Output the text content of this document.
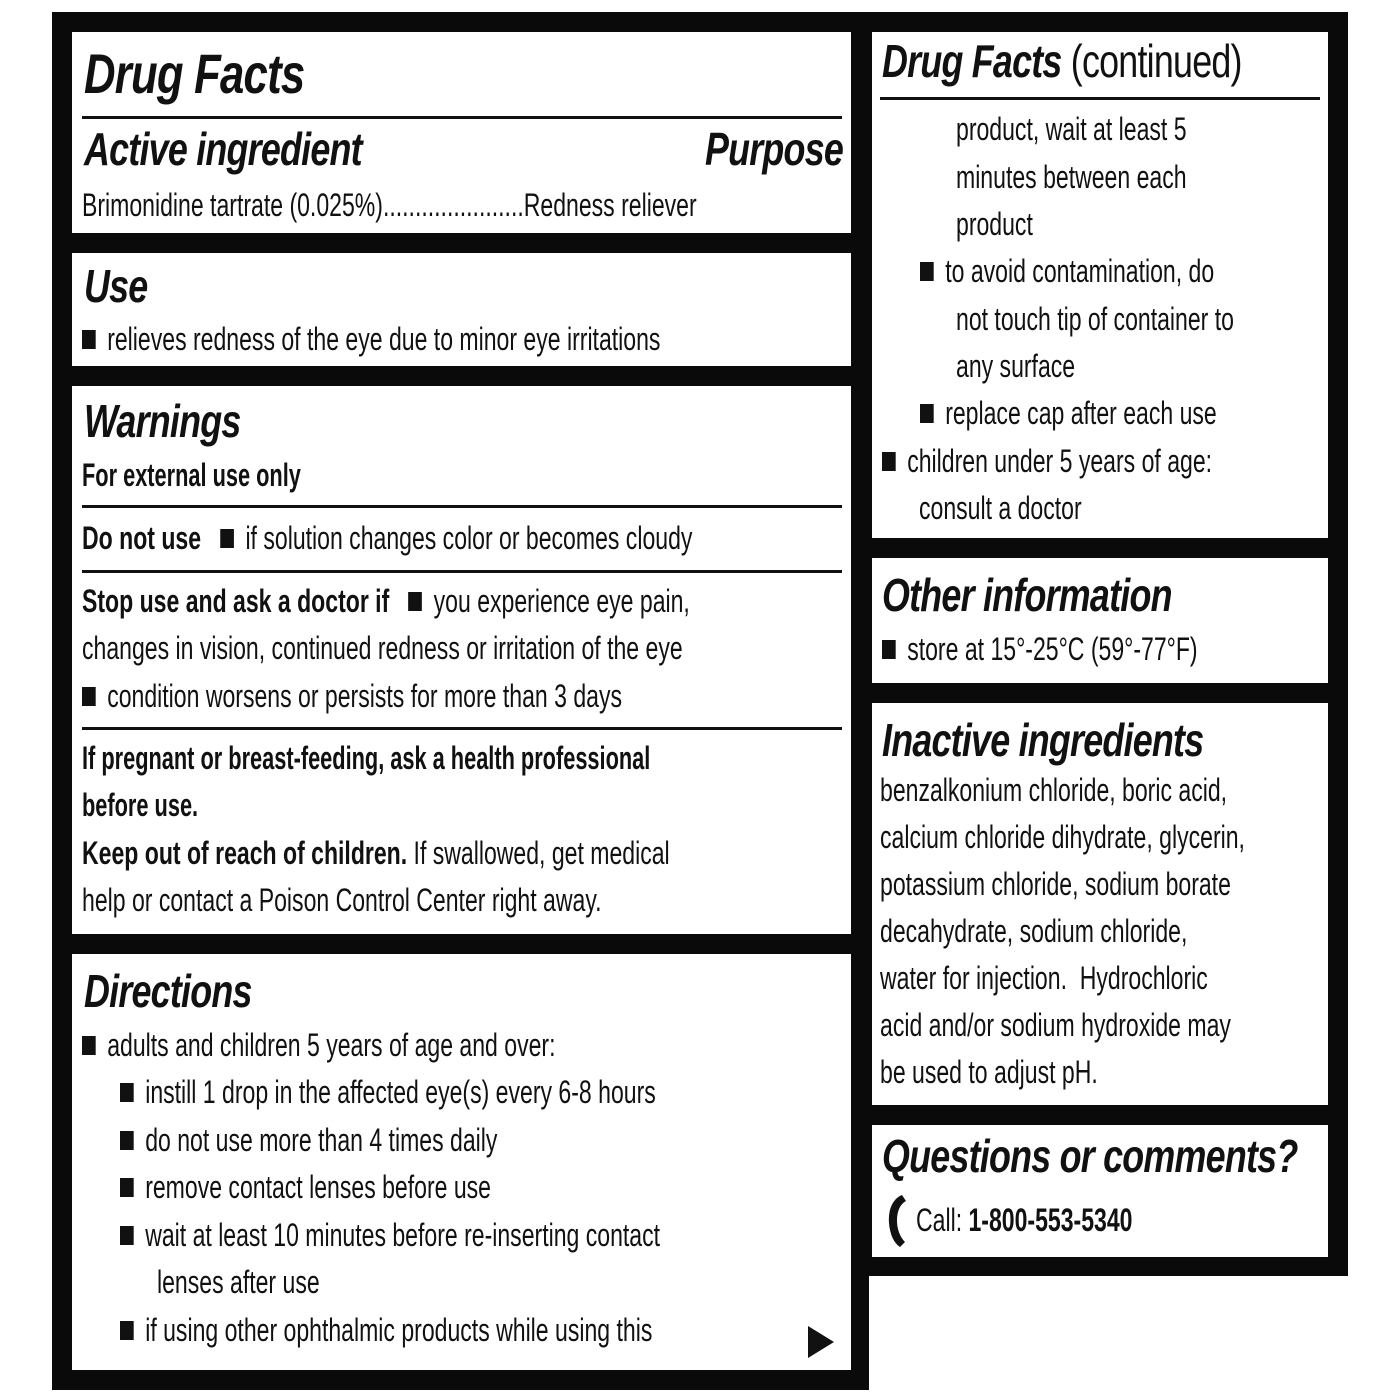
Drug Facts
Active ingredient	Purpose
Brimonidine tartrate (0.025%)......................Redness reliever
Use
relieves redness of the eye due to minor eye irritations
Warnings
For external use only
Do not use if solution changes color or becomes cloudy
Stop use and ask a doctor if you experience eye pain,
changes in vision, continued redness or irritation of the eye
condition worsens or persists for more than 3 days
If pregnant or breast-feeding, ask a health professional
before use.
Keep out of reach of children. If swallowed, get medical
help or contact a Poison Control Center right away.
Directions
adults and children 5 years of age and over:
instill 1 drop in the affected eye(s) every 6-8 hours
do not use more than 4 times daily
remove contact lenses before use
wait at least 10 minutes before re-inserting contact
lenses after use
if using other ophthalmic products while using this
Drug Facts (continued)
product, wait at least 5
minutes between each
product
to avoid contamination, do
not touch tip of container to
any surface
replace cap after each use
children under 5 years of age:
consult a doctor
Other information
store at 15°-25°C (59°-77°F)
Inactive ingredients
benzalkonium chloride, boric acid,
calcium chloride dihydrate, glycerin,
potassium chloride, sodium borate
decahydrate, sodium chloride,
water for injection.  Hydrochloric
acid and/or sodium hydroxide may
be used to adjust pH.
Questions or comments?
Call: 1-800-553-5340
